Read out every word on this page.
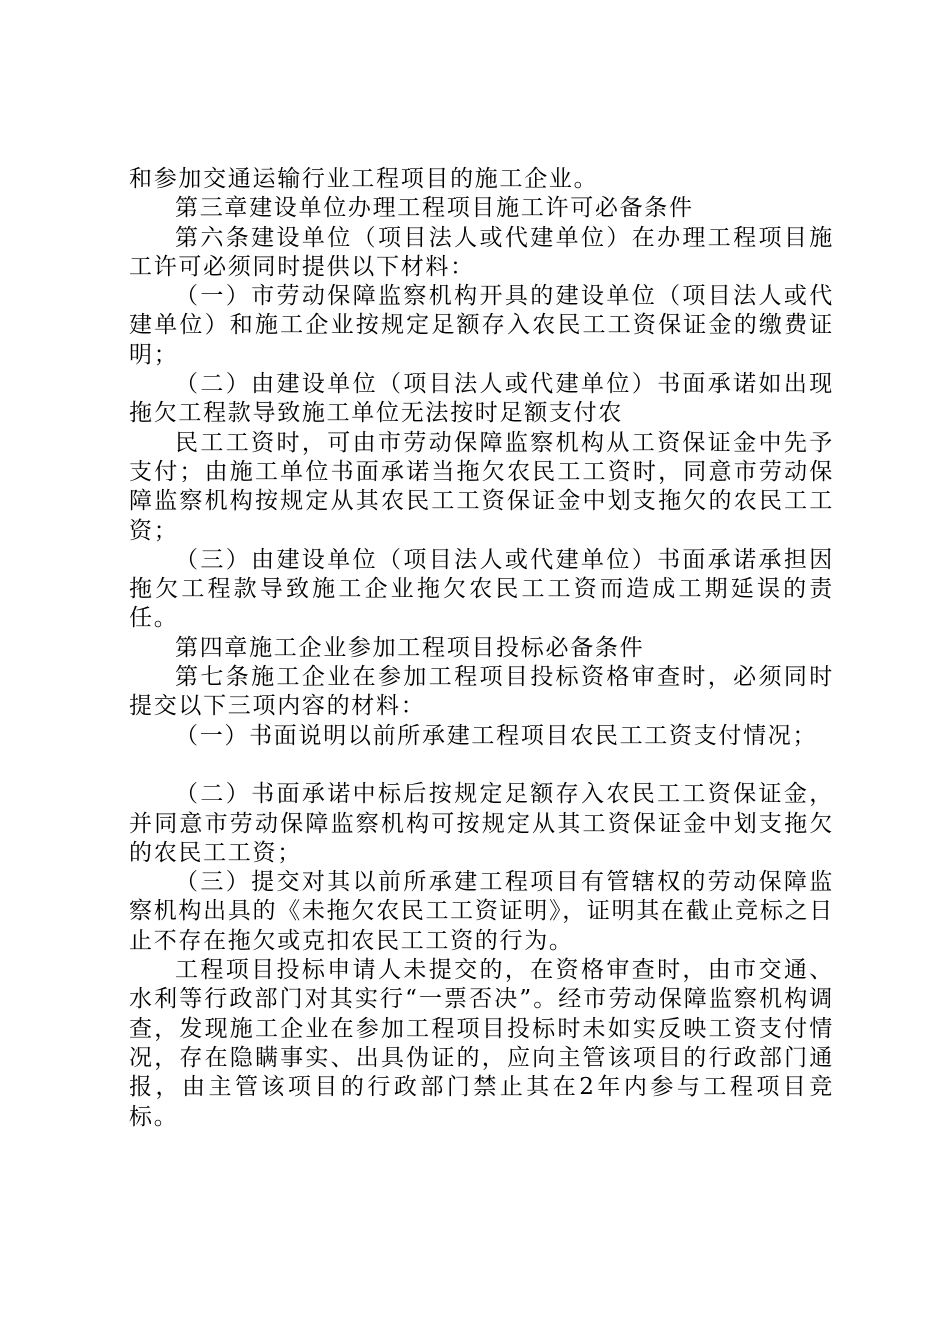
和参加交通运输行业工程项目的施工企业。

第三章建设单位办理工程项目施工许可必备条件

第六条建设单位（项目法人或代建单位）在办理工程项目施工许可必须同时提供以下材料：

（一）市劳动保障监察机构开具的建设单位（项目法人或代建单位）和施工企业按规定足额存入农民工工资保证金的缴费证明；

（二）由建设单位（项目法人或代建单位）书面承诺如出现拖欠工程款导致施工单位无法按时足额支付农

民工工资时，可由市劳动保障监察机构从工资保证金中先予支付；由施工单位书面承诺当拖欠农民工工资时，同意市劳动保障监察机构按规定从其农民工工资保证金中划支拖欠的农民工工资；

（三）由建设单位（项目法人或代建单位）书面承诺承担因拖欠工程款导致施工企业拖欠农民工工资而造成工期延误的责任。

第四章施工企业参加工程项目投标必备条件

第七条施工企业在参加工程项目投标资格审查时，必须同时提交以下三项内容的材料：

（一）书面说明以前所承建工程项目农民工工资支付情况；

（二）书面承诺中标后按规定足额存入农民工工资保证金，并同意市劳动保障监察机构可按规定从其工资保证金中划支拖欠的农民工工资；

（三）提交对其以前所承建工程项目有管辖权的劳动保障监察机构出具的《未拖欠农民工工资证明》，证明其在截止竞标之日止不存在拖欠或克扣农民工工资的行为。

工程项目投标申请人未提交的，在资格审查时，由市交通、水利等行政部门对其实行“一票否决”。经市劳动保障监察机构调查，发现施工企业在参加工程项目投标时未如实反映工资支付情况，存在隐瞒事实、出具伪证的，应向主管该项目的行政部门通报，由主管该项目的行政部门禁止其在2年内参与工程项目竞标。
